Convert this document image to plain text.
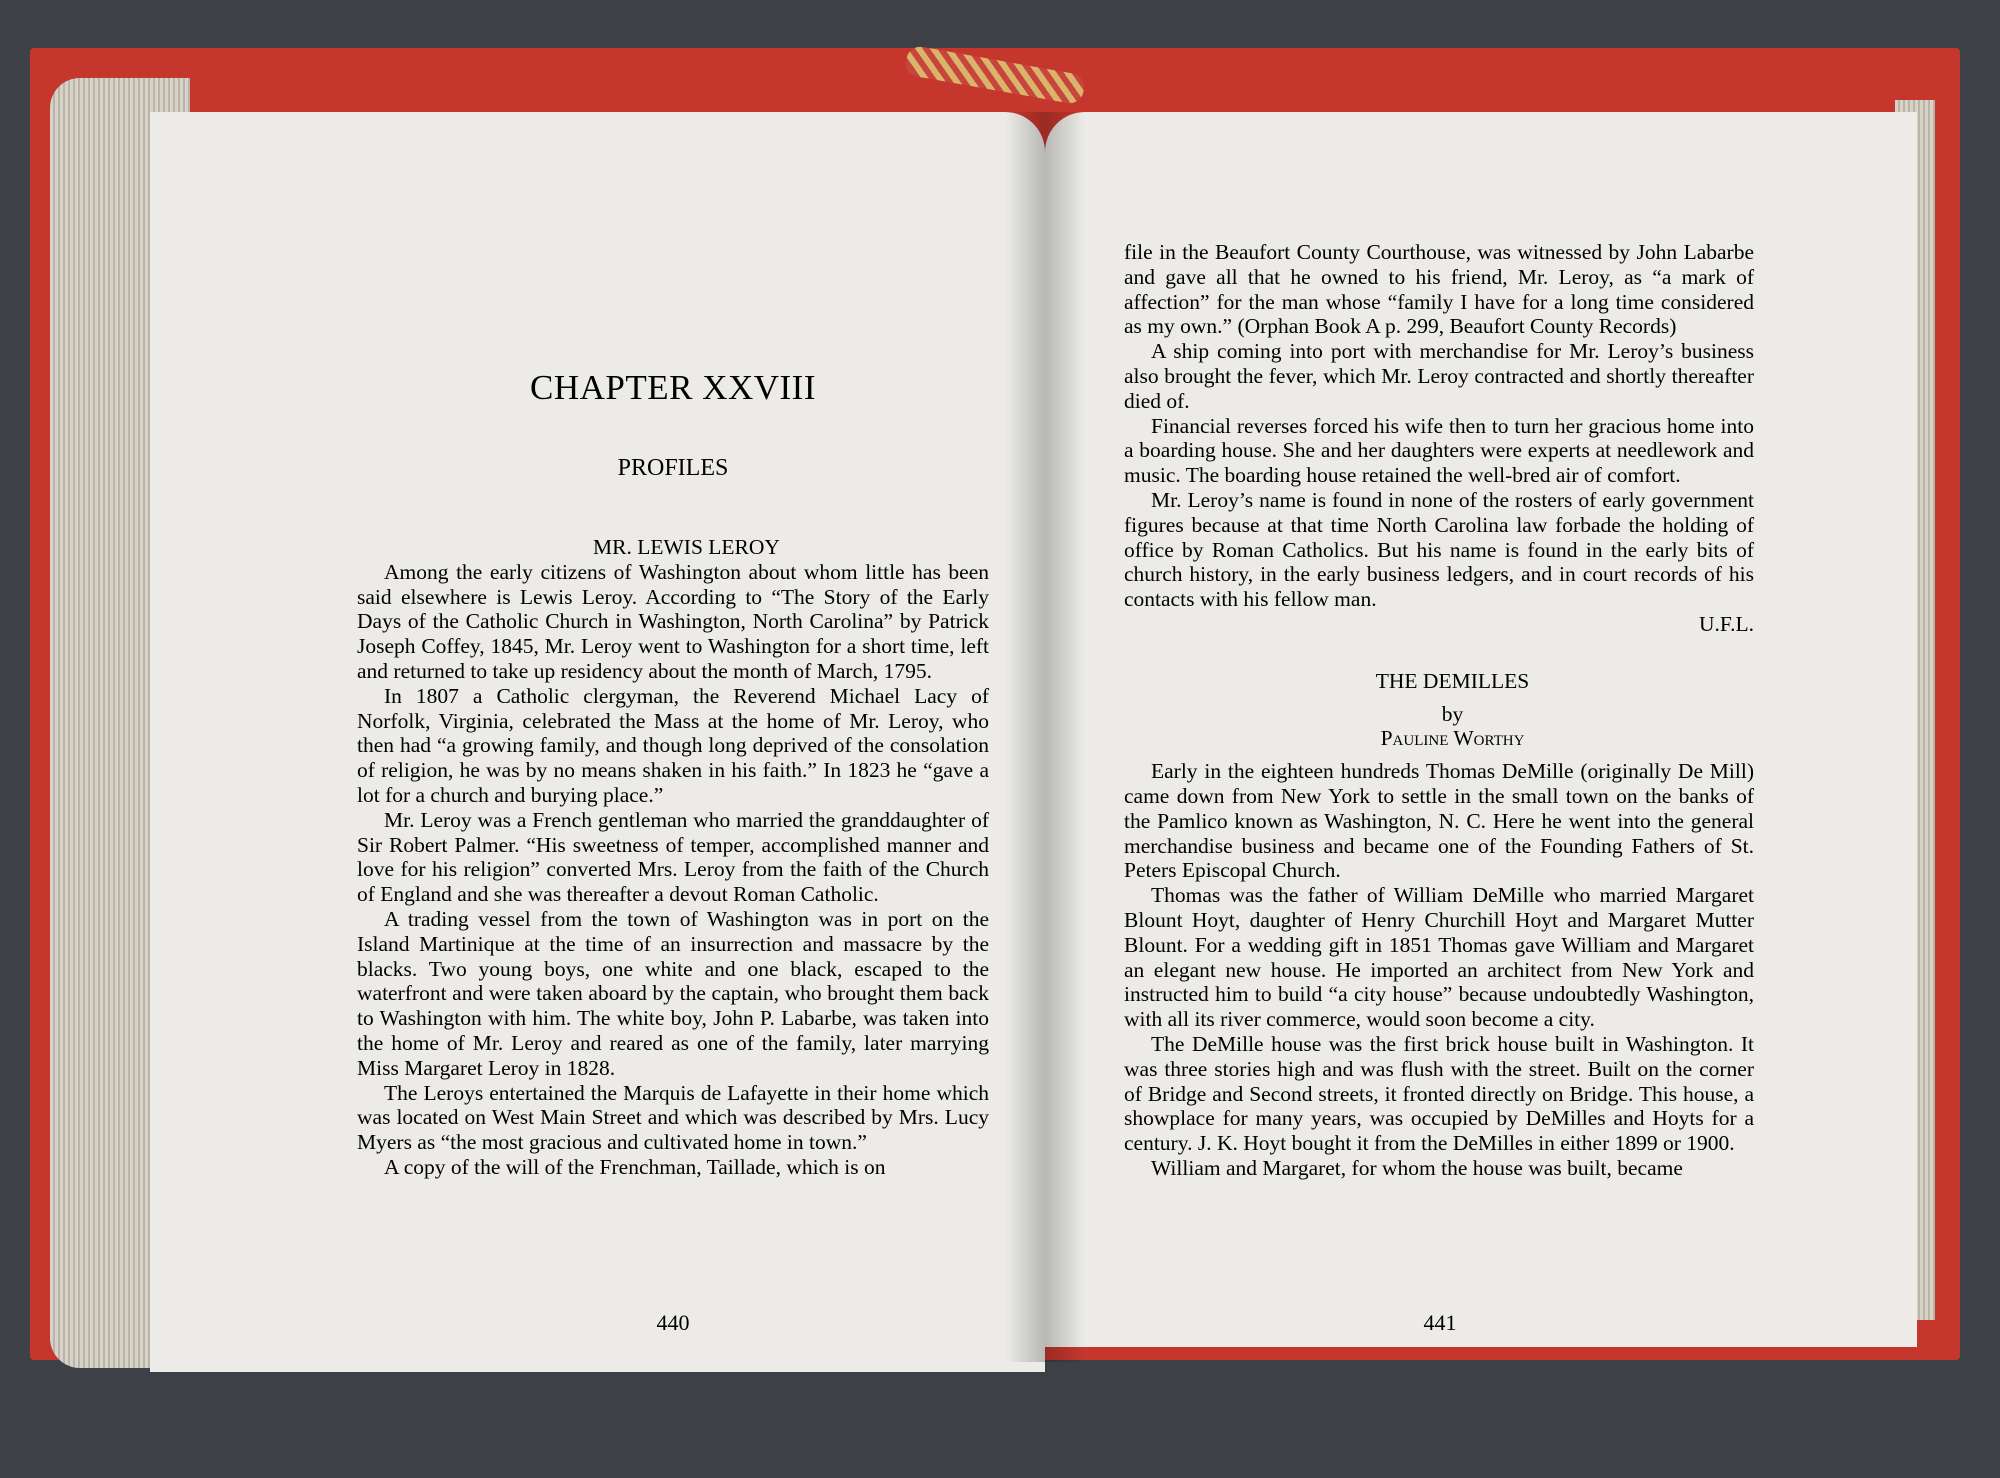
CHAPTER XXVIII
PROFILES

MR. LEWIS LEROY

Among the early citizens of Washington about whom little has been said elsewhere is Lewis Leroy. According to “The Story of the Early Days of the Catholic Church in Washington, North Carolina” by Patrick Joseph Coffey, 1845, Mr. Leroy went to Washington for a short time, left and returned to take up residency about the month of March, 1795.

In 1807 a Catholic clergyman, the Reverend Michael Lacy of Norfolk, Virginia, celebrated the Mass at the home of Mr. Leroy, who then had “a growing family, and though long deprived of the consolation of religion, he was by no means shaken in his faith.” In 1823 he “gave a lot for a church and burying place.”

Mr. Leroy was a French gentleman who married the granddaughter of Sir Robert Palmer. “His sweetness of temper, accomplished manner and love for his religion” converted Mrs. Leroy from the faith of the Church of England and she was thereafter a devout Roman Catholic.

A trading vessel from the town of Washington was in port on the Island Martinique at the time of an insurrection and massacre by the blacks. Two young boys, one white and one black, escaped to the waterfront and were taken aboard by the captain, who brought them back to Washington with him. The white boy, John P. Labarbe, was taken into the home of Mr. Leroy and reared as one of the family, later marrying Miss Margaret Leroy in 1828.

The Leroys entertained the Marquis de Lafayette in their home which was located on West Main Street and which was described by Mrs. Lucy Myers as “the most gracious and cultivated home in town.”

A copy of the will of the Frenchman, Taillade, which is on

440

file in the Beaufort County Courthouse, was witnessed by John Labarbe and gave all that he owned to his friend, Mr. Leroy, as “a mark of affection” for the man whose “family I have for a long time considered as my own.” (Orphan Book A p. 299, Beaufort County Records)

A ship coming into port with merchandise for Mr. Leroy’s business also brought the fever, which Mr. Leroy contracted and shortly thereafter died of.

Financial reverses forced his wife then to turn her gracious home into a boarding house. She and her daughters were experts at needlework and music. The boarding house retained the well-bred air of comfort.

Mr. Leroy’s name is found in none of the rosters of early government figures because at that time North Carolina law forbade the holding of office by Roman Catholics. But his name is found in the early bits of church history, in the early business ledgers, and in court records of his contacts with his fellow man.

U.F.L.

THE DEMILLES

by

Pauline Worthy

Early in the eighteen hundreds Thomas DeMille (originally De Mill) came down from New York to settle in the small town on the banks of the Pamlico known as Washington, N. C. Here he went into the general merchandise business and became one of the Founding Fathers of St. Peters Episcopal Church.

Thomas was the father of William DeMille who married Margaret Blount Hoyt, daughter of Henry Churchill Hoyt and Margaret Mutter Blount. For a wedding gift in 1851 Thomas gave William and Margaret an elegant new house. He imported an architect from New York and instructed him to build “a city house” because undoubtedly Washington, with all its river commerce, would soon become a city.

The DeMille house was the first brick house built in Washington. It was three stories high and was flush with the street. Built on the corner of Bridge and Second streets, it fronted directly on Bridge. This house, a showplace for many years, was occupied by DeMilles and Hoyts for a century. J. K. Hoyt bought it from the DeMilles in either 1899 or 1900.

William and Margaret, for whom the house was built, became

441
